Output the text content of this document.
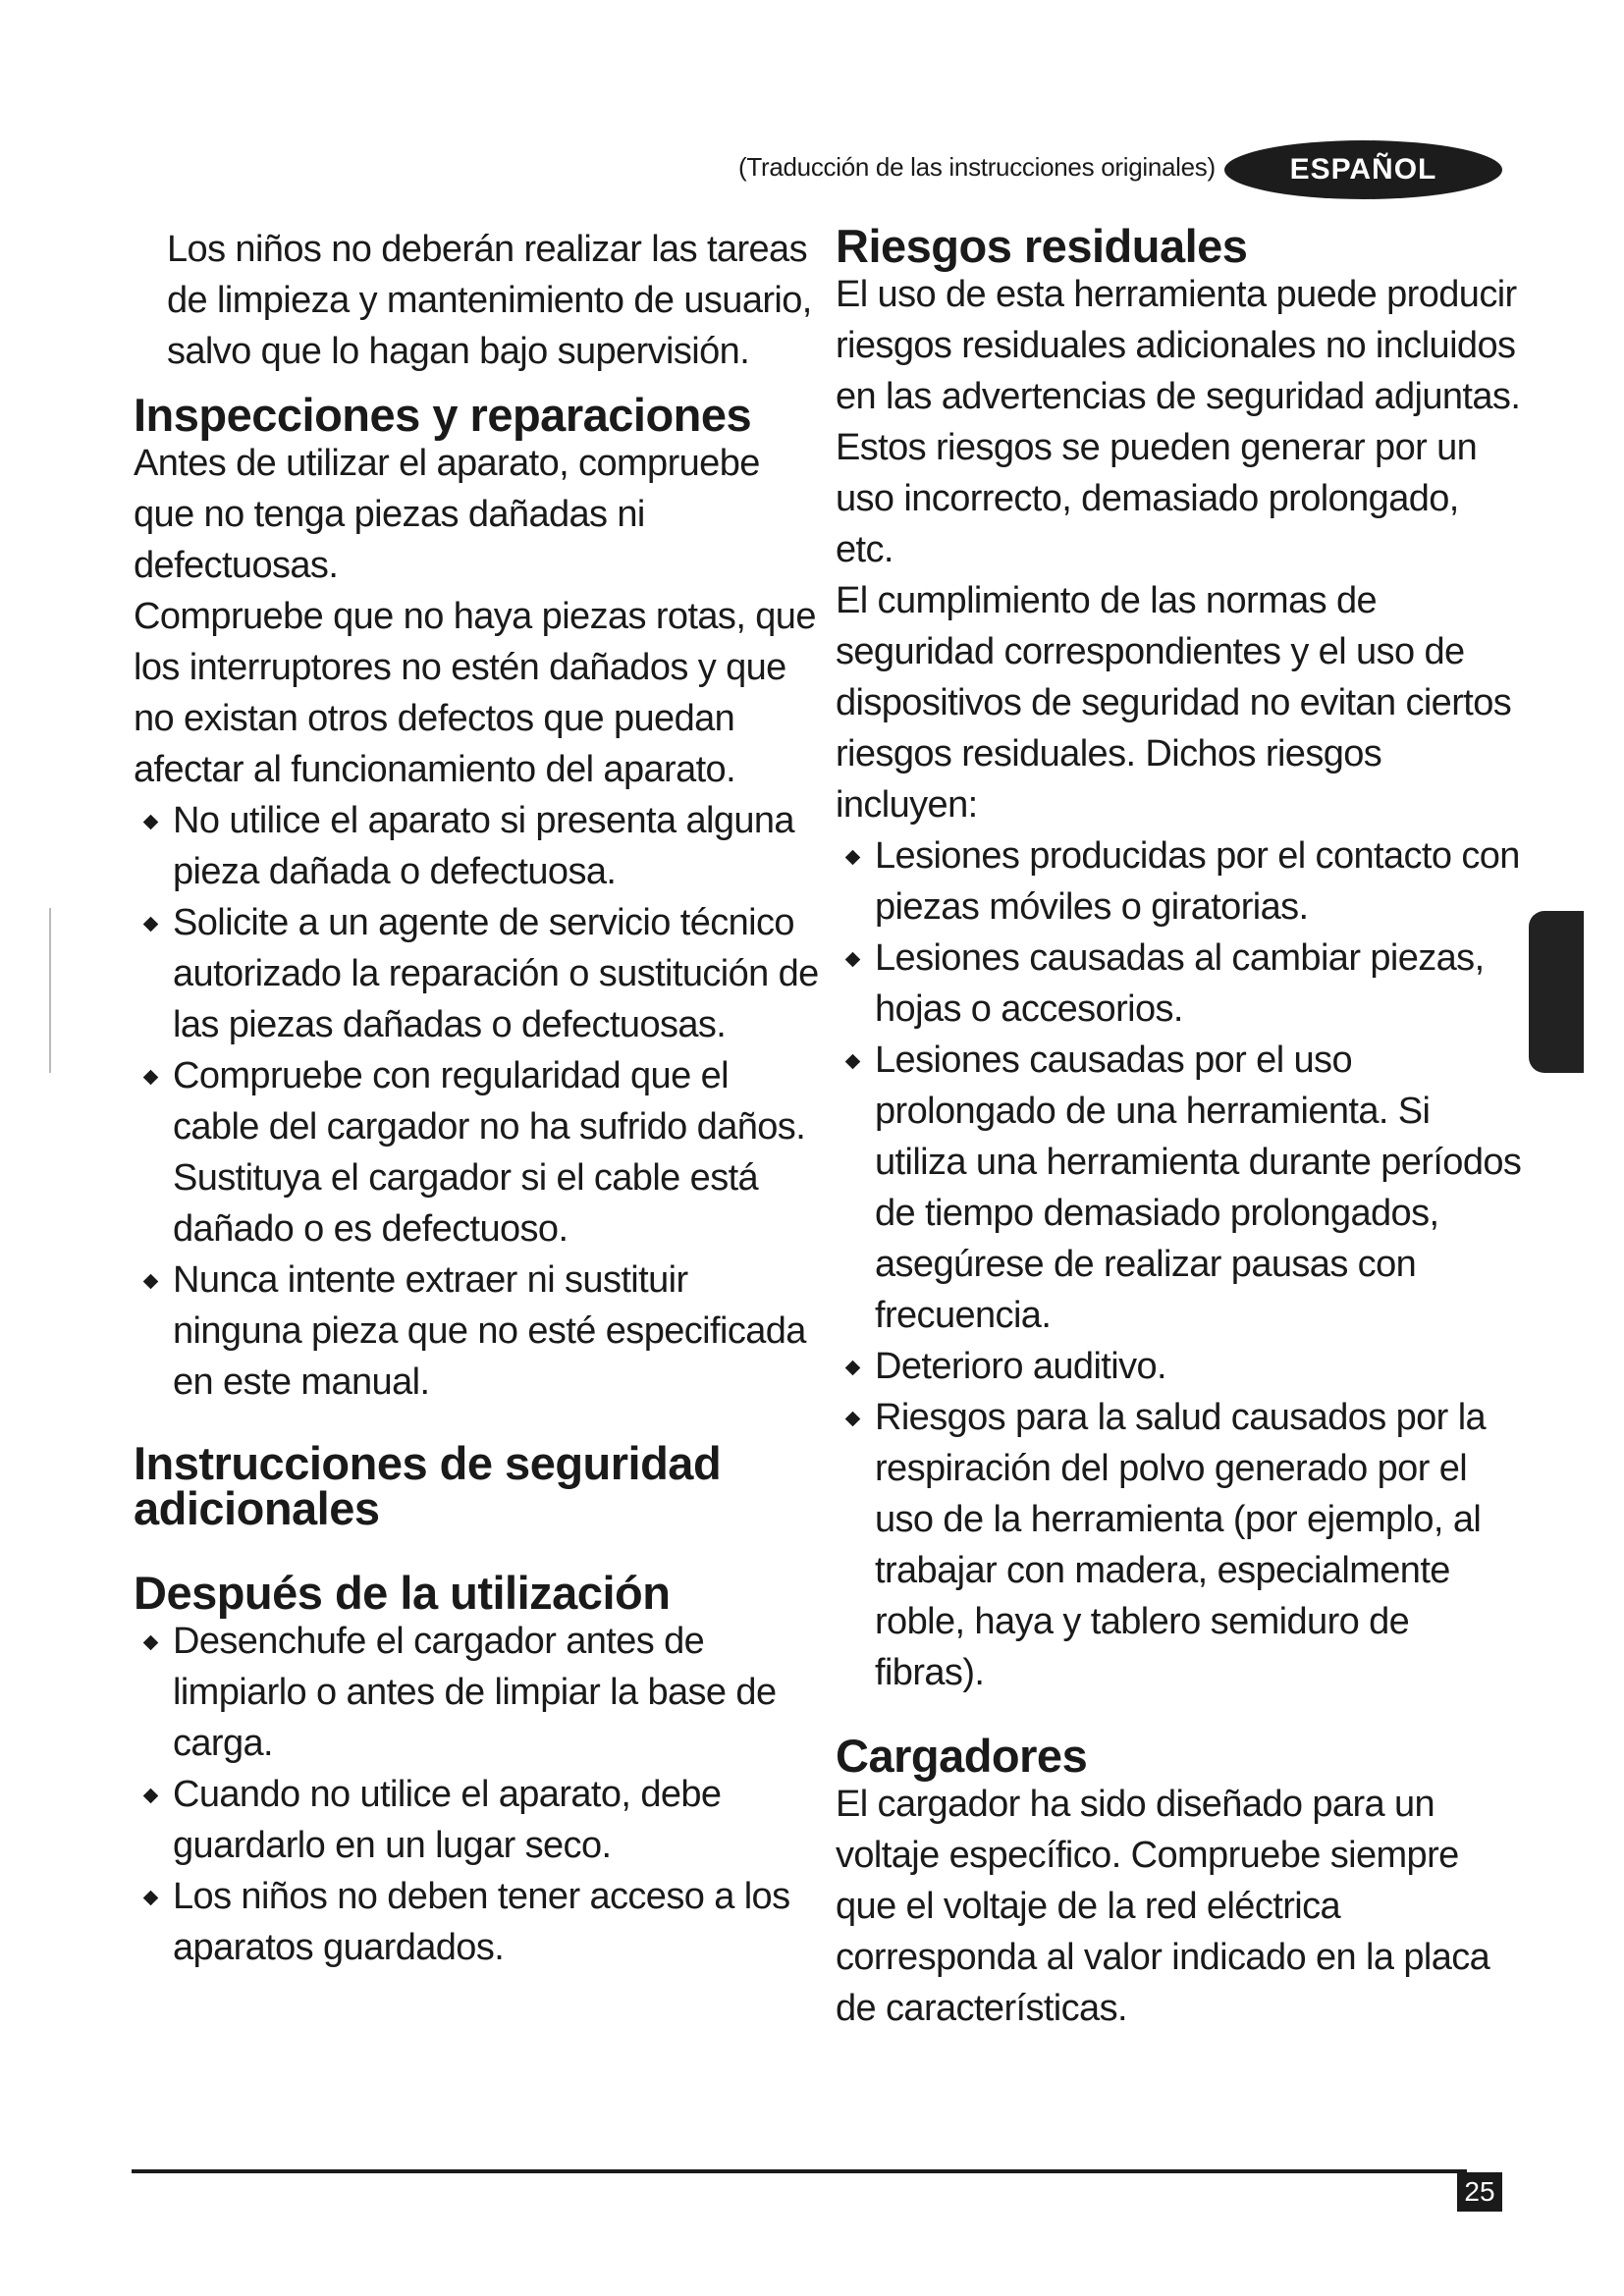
(Traducción de las instrucciones originales)	ESPAÑOL

Los niños no deberán realizar las tareas de limpieza y mantenimiento de usuario, salvo que lo hagan bajo supervisión.

Inspecciones y reparaciones

Antes de utilizar el aparato, compruebe que no tenga piezas dañadas ni defectuosas.

Compruebe que no haya piezas rotas, que los interruptores no estén dañados y que no existan otros defectos que puedan afectar al funcionamiento del aparato.

No utilice el aparato si presenta alguna pieza dañada o defectuosa.
Solicite a un agente de servicio técnico autorizado la reparación o sustitución de las piezas dañadas o defectuosas.
Compruebe con regularidad que el cable del cargador no ha sufrido daños. Sustituya el cargador si el cable está dañado o es defectuoso.
Nunca intente extraer ni sustituir ninguna pieza que no esté especificada en este manual.
Instrucciones de seguridad adicionales
Después de la utilización
Desenchufe el cargador antes de limpiarlo o antes de limpiar la base de carga.
Cuando no utilice el aparato, debe guardarlo en un lugar seco.
Los niños no deben tener acceso a los aparatos guardados.
Riesgos residuales

El uso de esta herramienta puede producir riesgos residuales adicionales no incluidos en las advertencias de seguridad adjuntas. Estos riesgos se pueden generar por un uso incorrecto, demasiado prolongado, etc.

El cumplimiento de las normas de seguridad correspondientes y el uso de dispositivos de seguridad no evitan ciertos riesgos residuales. Dichos riesgos incluyen:

Lesiones producidas por el contacto con piezas móviles o giratorias.
Lesiones causadas al cambiar piezas, hojas o accesorios.
Lesiones causadas por el uso prolongado de una herramienta. Si utiliza una herramienta durante períodos de tiempo demasiado prolongados, asegúrese de realizar pausas con frecuencia.
Deterioro auditivo.
Riesgos para la salud causados por la respiración del polvo generado por el uso de la herramienta (por ejemplo, al trabajar con madera, especialmente roble, haya y tablero semiduro de fibras).
Cargadores

El cargador ha sido diseñado para un voltaje específico. Compruebe siempre que el voltaje de la red eléctrica corresponda al valor indicado en la placa de características.

25
